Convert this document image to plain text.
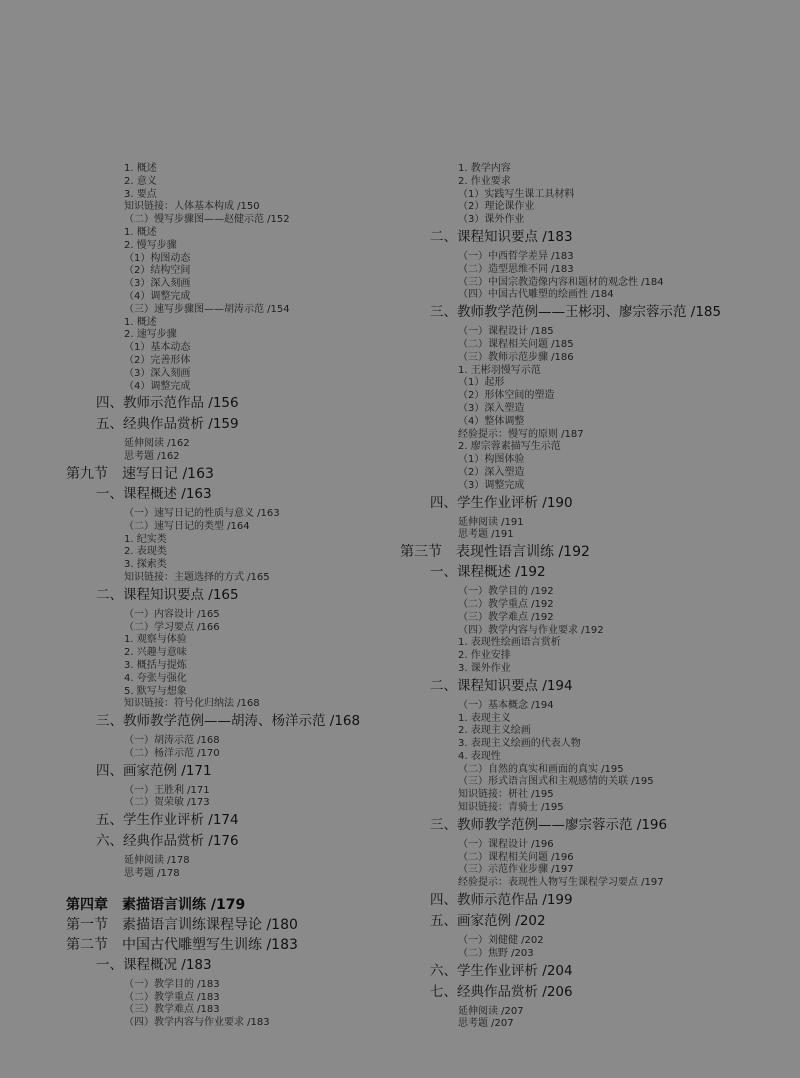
1. 概述
2. 意义
3. 要点
知识链接：人体基本构成 /150
（二）慢写步骤图——赵健示范 /152
1. 概述
2. 慢写步骤
（1）构图动态
（2）结构空间
（3）深入刻画
（4）调整完成
（三）速写步骤图——胡涛示范 /154
1. 概述
2. 速写步骤
（1）基本动态
（2）完善形体
（3）深入刻画
（4）调整完成
四、教师示范作品 /156
五、经典作品赏析 /159
延伸阅读 /162
思考题 /162
第九节　速写日记 /163
一、课程概述 /163
（一）速写日记的性质与意义 /163
（二）速写日记的类型 /164
1. 纪实类
2. 表现类
3. 探索类
知识链接：主题选择的方式 /165
二、课程知识要点 /165
（一）内容设计 /165
（二）学习要点 /166
1. 观察与体验
2. 兴趣与意味
3. 概括与提炼
4. 夸张与强化
5. 默写与想象
知识链接：符号化归纳法 /168
三、教师教学范例——胡涛、杨洋示范 /168
（一）胡涛示范 /168
（二）杨洋示范 /170
四、画家范例 /171
（一）王胜利 /171
（二）贺荣敏 /173
五、学生作业评析 /174
六、经典作品赏析 /176
延伸阅读 /178
思考题 /178
第四章　素描语言训练 /179
第一节　素描语言训练课程导论 /180
第二节　中国古代雕塑写生训练 /183
一、课程概况 /183
（一）教学目的 /183
（二）教学重点 /183
（三）教学难点 /183
（四）教学内容与作业要求 /183
1. 教学内容
2. 作业要求
（1）实践写生课工具材料
（2）理论课作业
（3）课外作业
二、课程知识要点 /183
（一）中西哲学差异 /183
（二）造型思维不同 /183
（三）中国宗教造像内容和题材的观念性 /184
（四）中国古代雕塑的绘画性 /184
三、教师教学范例——王彬羽、廖宗蓉示范 /185
（一）课程设计 /185
（二）课程相关问题 /185
（三）教师示范步骤 /186
1. 王彬羽慢写示范
（1）起形
（2）形体空间的塑造
（3）深入塑造
（4）整体调整
经验提示：慢写的原则 /187
2. 廖宗蓉素描写生示范
（1）构图体验
（2）深入塑造
（3）调整完成
四、学生作业评析 /190
延伸阅读 /191
思考题 /191
第三节　表现性语言训练 /192
一、课程概述 /192
（一）教学目的 /192
（二）教学重点 /192
（三）教学难点 /192
（四）教学内容与作业要求 /192
1. 表现性绘画语言赏析
2. 作业安排
3. 课外作业
二、课程知识要点 /194
（一）基本概念 /194
1. 表现主义
2. 表现主义绘画
3. 表现主义绘画的代表人物
4. 表现性
（二）自然的真实和画面的真实 /195
（三）形式语言图式和主观感情的关联 /195
知识链接：枅社 /195
知识链接：青骑士 /195
三、教师教学范例——廖宗蓉示范 /196
（一）课程设计 /196
（二）课程相关问题 /196
（三）示范作业步骤 /197
经验提示：表现性人物写生课程学习要点 /197
四、教师示范作品 /199
五、画家范例 /202
（一）刘健健 /202
（二）焦野 /203
六、学生作业评析 /204
七、经典作品赏析 /206
延伸阅读 /207
思考题 /207
